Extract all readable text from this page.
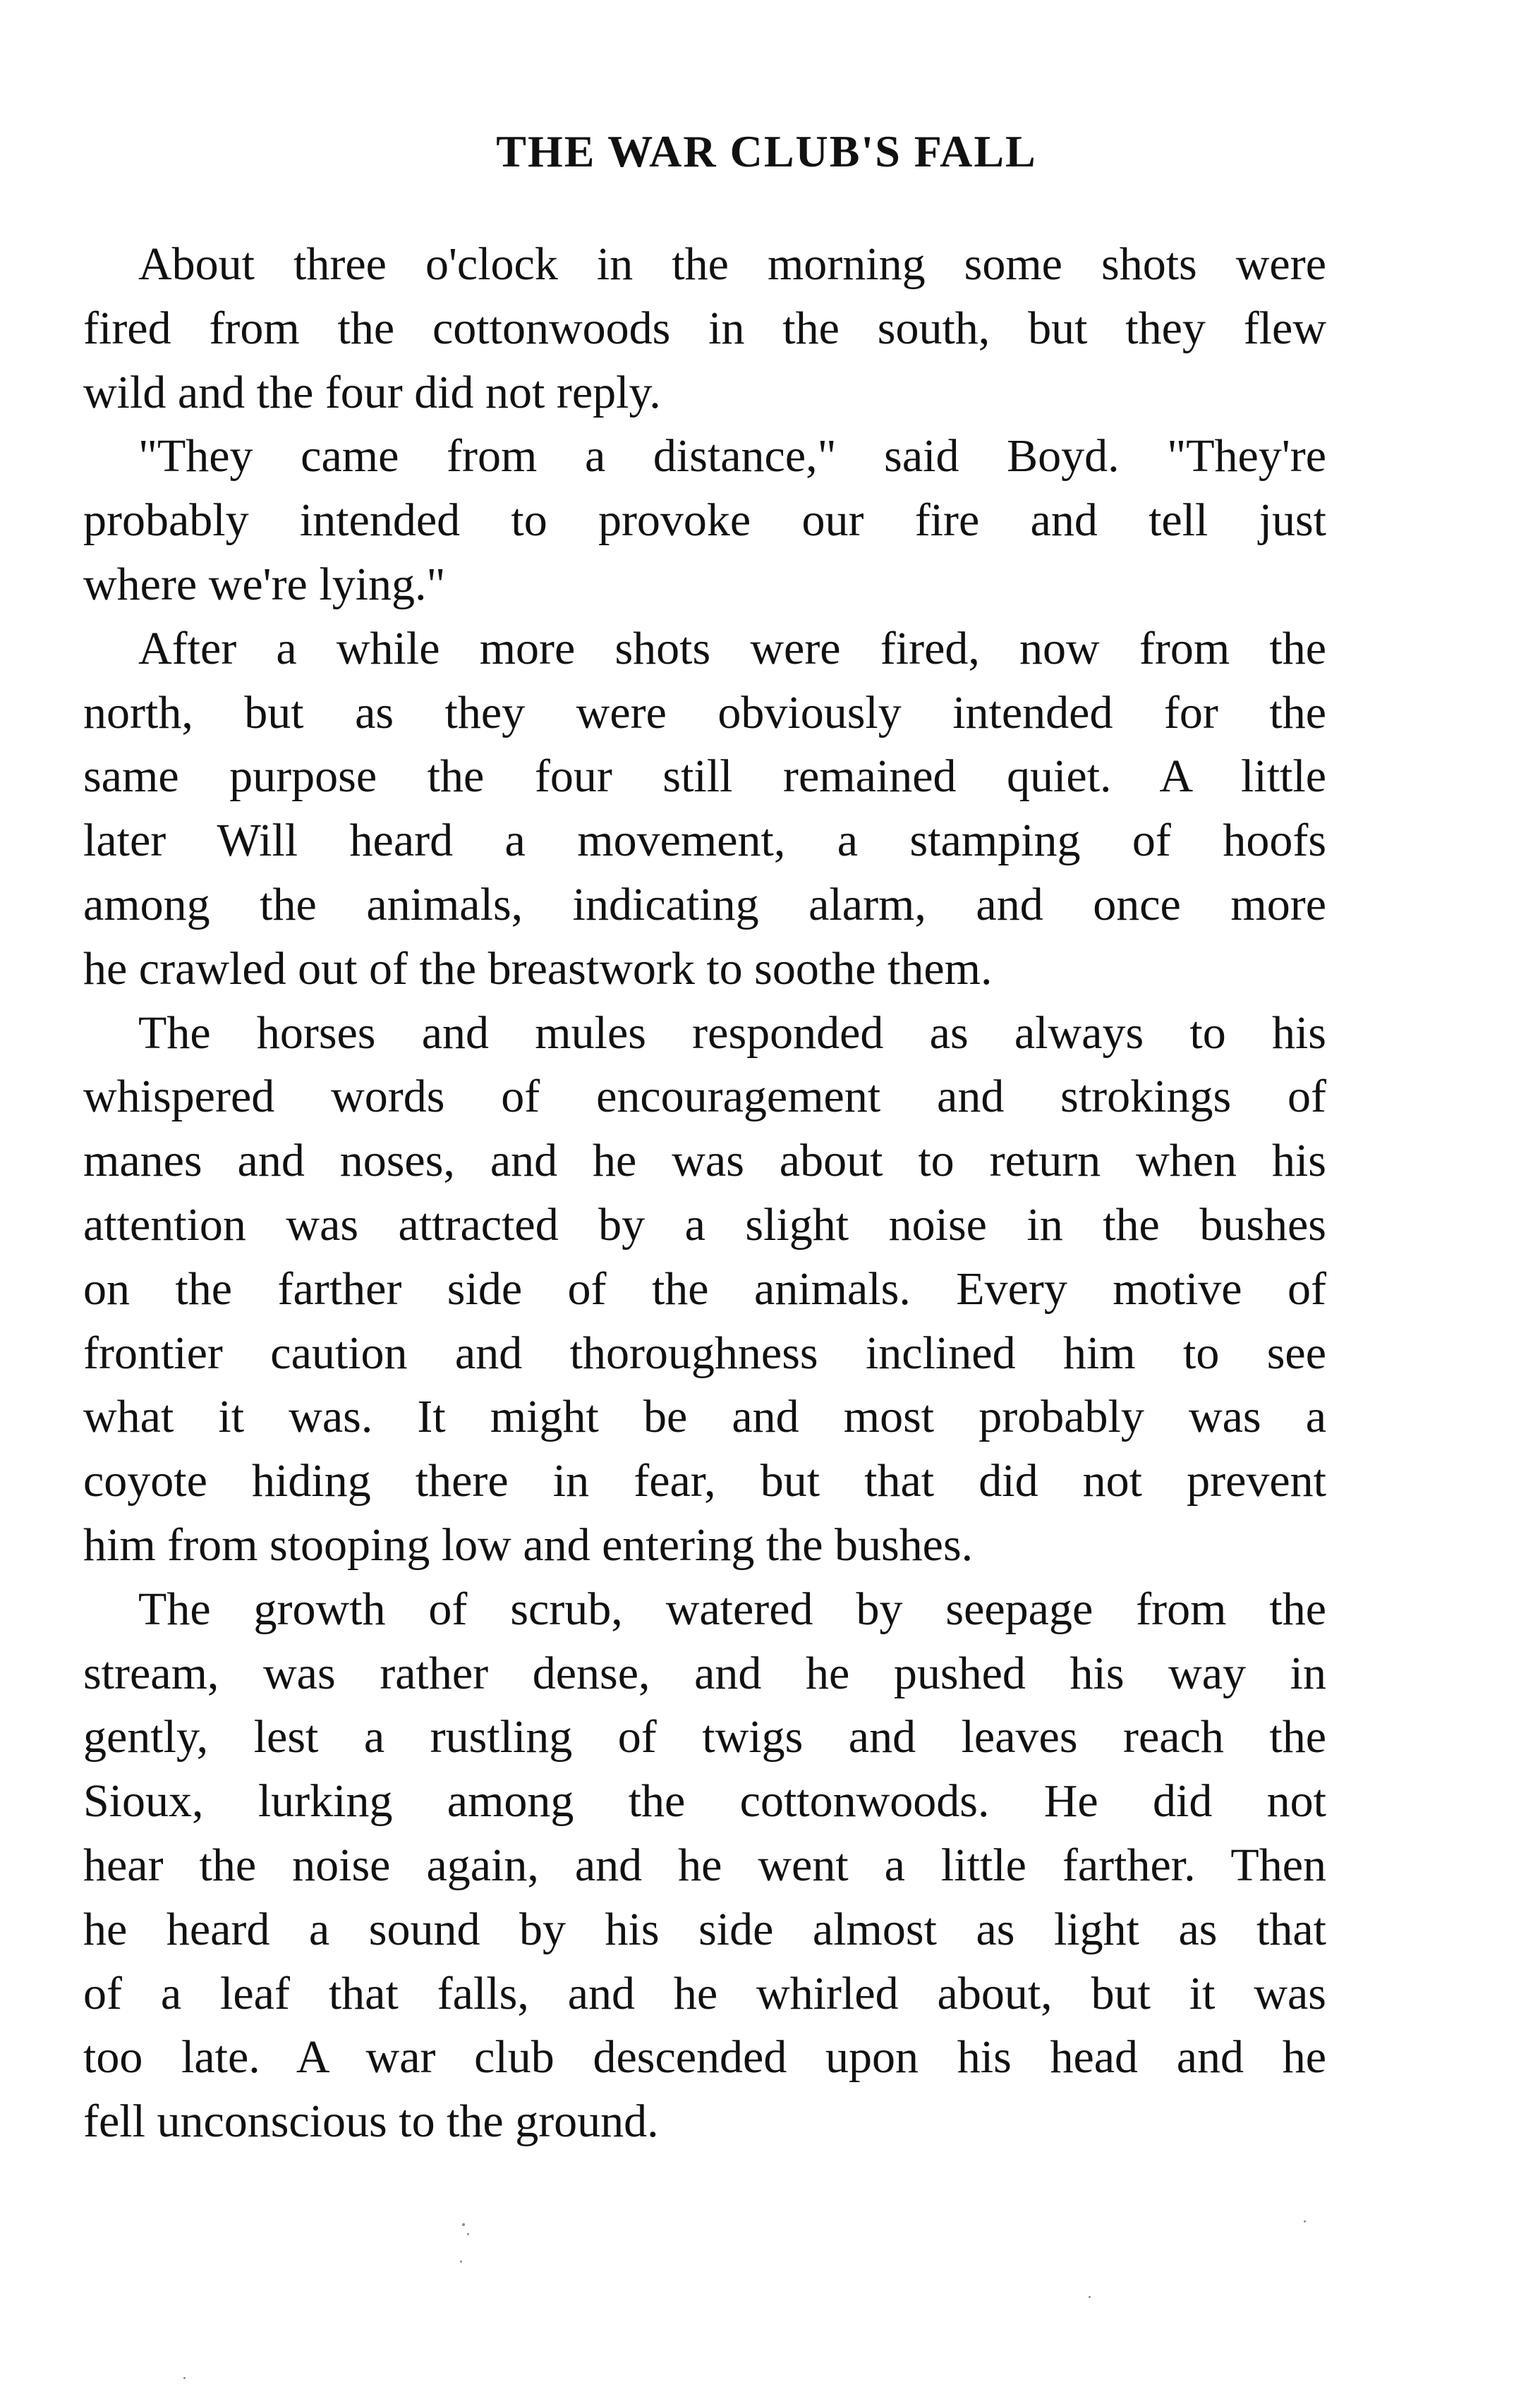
THE WAR CLUB'S FALL
About three o'clock in the morning some shots were
fired from the cottonwoods in the south, but they flew
wild and the four did not reply.
"They came from a distance," said Boyd. "They're
probably intended to provoke our fire and tell just
where we're lying."
After a while more shots were fired, now from the
north, but as they were obviously intended for the
same purpose the four still remained quiet. A little
later Will heard a movement, a stamping of hoofs
among the animals, indicating alarm, and once more
he crawled out of the breastwork to soothe them.
The horses and mules responded as always to his
whispered words of encouragement and strokings of
manes and noses, and he was about to return when his
attention was attracted by a slight noise in the bushes
on the farther side of the animals. Every motive of
frontier caution and thoroughness inclined him to see
what it was. It might be and most probably was a
coyote hiding there in fear, but that did not prevent
him from stooping low and entering the bushes.
The growth of scrub, watered by seepage from the
stream, was rather dense, and he pushed his way in
gently, lest a rustling of twigs and leaves reach the
Sioux, lurking among the cottonwoods. He did not
hear the noise again, and he went a little farther. Then
he heard a sound by his side almost as light as that
of a leaf that falls, and he whirled about, but it was
too late. A war club descended upon his head and he
fell unconscious to the ground.
